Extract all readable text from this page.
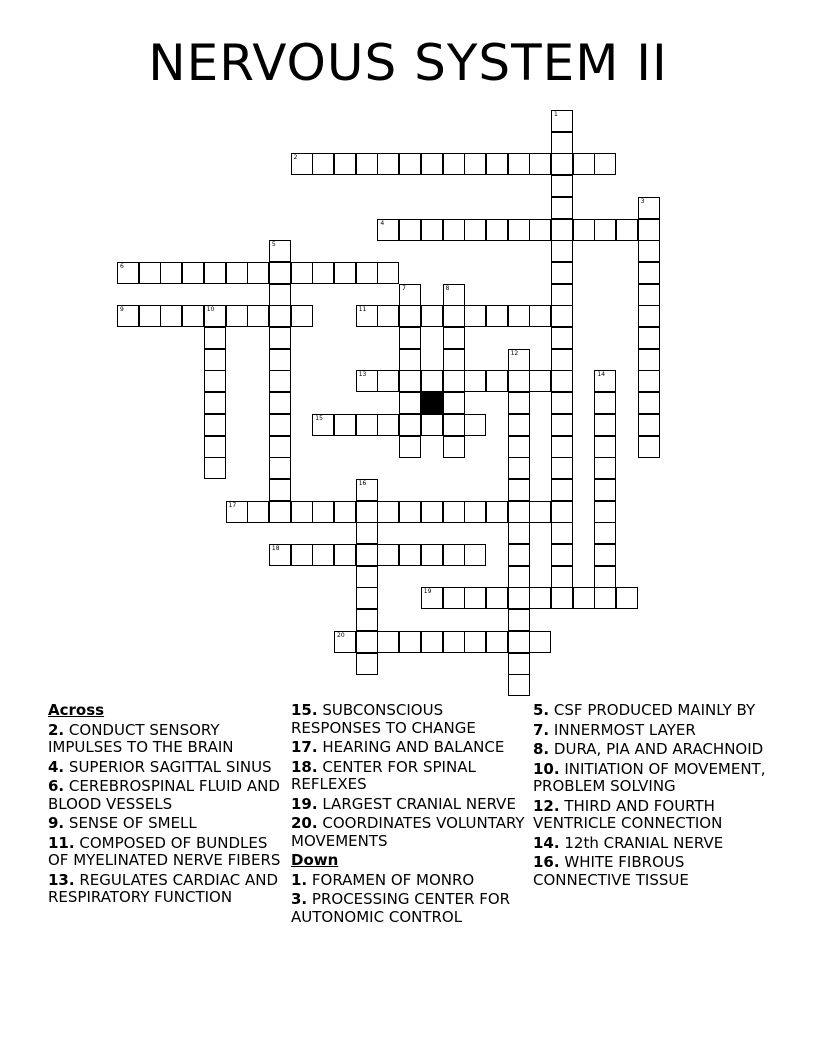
NERVOUS SYSTEM II
1
2
3
4
5
6
7	8
9	10	11
12
13	14
15
16
17
18
19
20
Across
2. CONDUCT SENSORY IMPULSES TO THE BRAIN
4. SUPERIOR SAGITTAL SINUS
6. CEREBROSPINAL FLUID AND BLOOD VESSELS
9. SENSE OF SMELL
11. COMPOSED OF BUNDLES OF MYELINATED NERVE FIBERS
13. REGULATES CARDIAC AND RESPIRATORY FUNCTION
15. SUBCONSCIOUS RESPONSES TO CHANGE
17. HEARING AND BALANCE
18. CENTER FOR SPINAL REFLEXES
19. LARGEST CRANIAL NERVE
20. COORDINATES VOLUNTARY MOVEMENTS
Down
1. FORAMEN OF MONRO
3. PROCESSING CENTER FOR AUTONOMIC CONTROL
5. CSF PRODUCED MAINLY BY
7. INNERMOST LAYER
8. DURA, PIA AND ARACHNOID
10. INITIATION OF MOVEMENT, PROBLEM SOLVING
12. THIRD AND FOURTH VENTRICLE CONNECTION
14. 12th CRANIAL NERVE
16. WHITE FIBROUS CONNECTIVE TISSUE
